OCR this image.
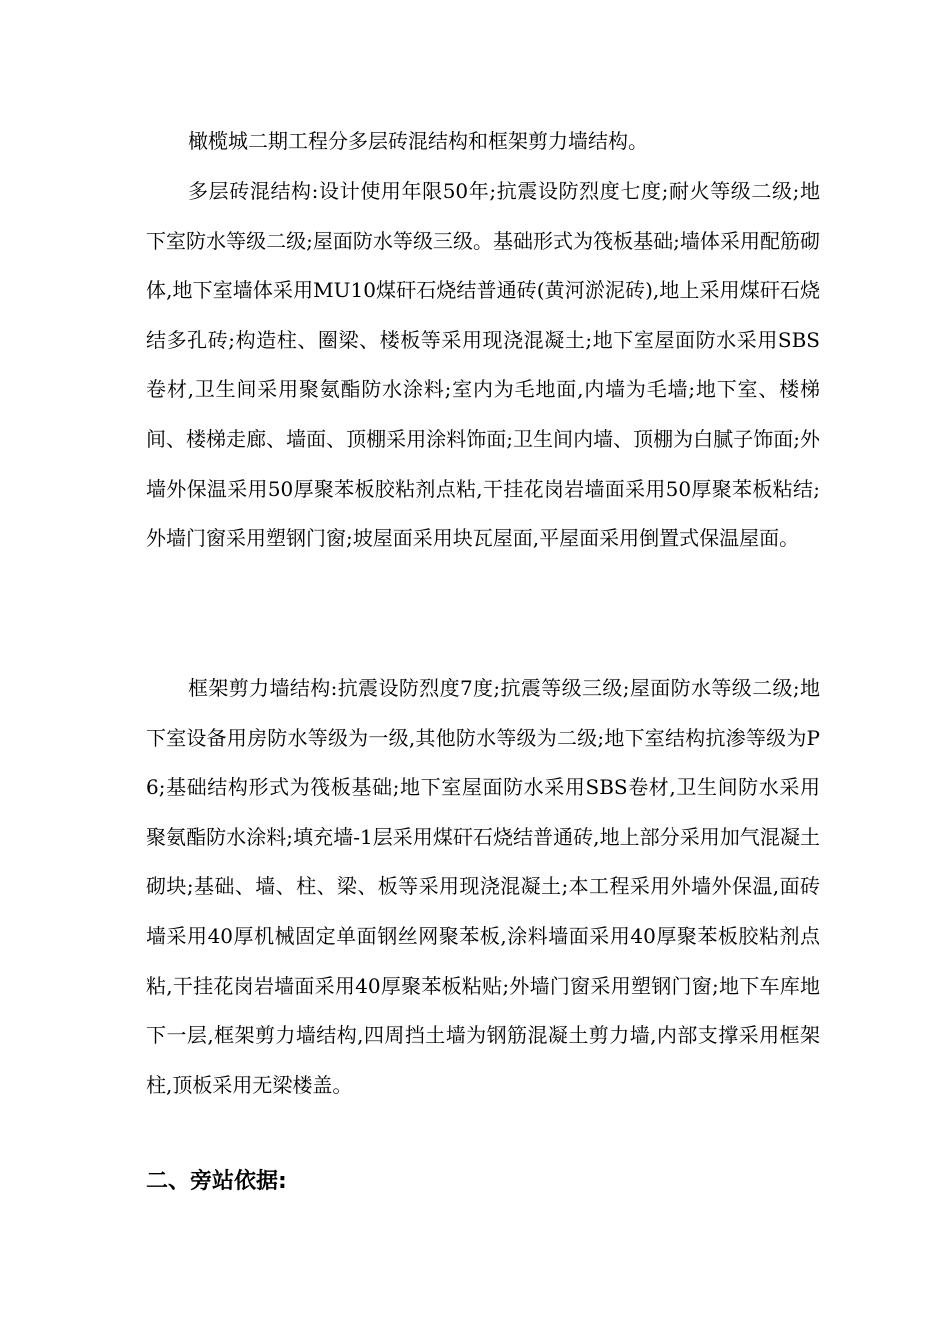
橄榄城二期工程分多层砖混结构和框架剪力墙结构。

多层砖混结构:设计使用年限50年;抗震设防烈度七度;耐火等级二级;地下室防水等级二级;屋面防水等级三级。基础形式为筏板基础;墙体采用配筋砌体,地下室墙体采用MU10煤矸石烧结普通砖(黄河淤泥砖),地上采用煤矸石烧结多孔砖;构造柱、圈梁、楼板等采用现浇混凝土;地下室屋面防水采用SBS卷材,卫生间采用聚氨酯防水涂料;室内为毛地面,内墙为毛墙;地下室、楼梯间、楼梯走廊、墙面、顶棚采用涂料饰面;卫生间内墙、顶棚为白腻子饰面;外墙外保温采用50厚聚苯板胶粘剂点粘,干挂花岗岩墙面采用50厚聚苯板粘结;外墙门窗采用塑钢门窗;坡屋面采用块瓦屋面,平屋面采用倒置式保温屋面。

框架剪力墙结构:抗震设防烈度7度;抗震等级三级;屋面防水等级二级;地下室设备用房防水等级为一级,其他防水等级为二级;地下室结构抗渗等级为P6;基础结构形式为筏板基础;地下室屋面防水采用SBS卷材,卫生间防水采用聚氨酯防水涂料;填充墙-1层采用煤矸石烧结普通砖,地上部分采用加气混凝土砌块;基础、墙、柱、梁、板等采用现浇混凝土;本工程采用外墙外保温,面砖墙采用40厚机械固定单面钢丝网聚苯板,涂料墙面采用40厚聚苯板胶粘剂点粘,干挂花岗岩墙面采用40厚聚苯板粘贴;外墙门窗采用塑钢门窗;地下车库地下一层,框架剪力墙结构,四周挡土墙为钢筋混凝土剪力墙,内部支撑采用框架柱,顶板采用无梁楼盖。

二、旁站依据:
